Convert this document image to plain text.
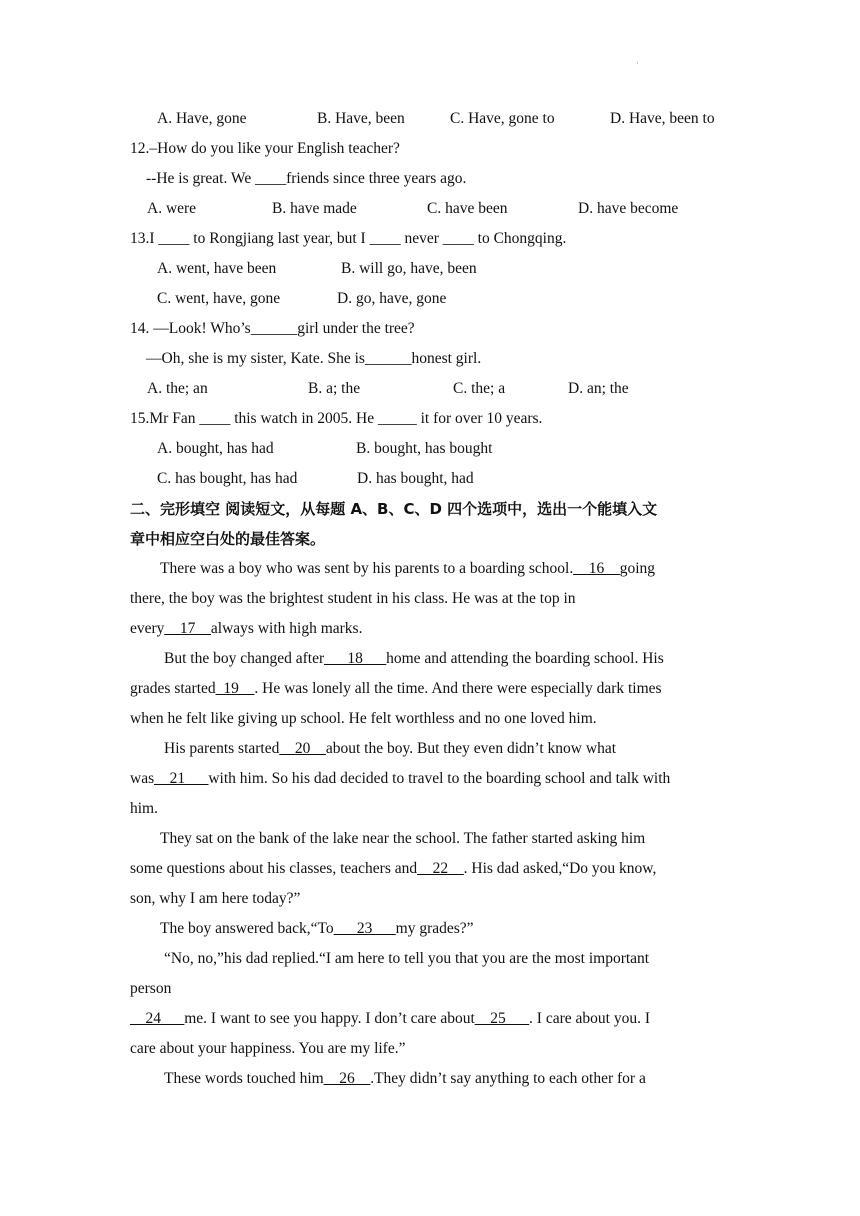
·
A. Have, gone	B. Have, been	C. Have, gone to	D. Have, been to
12.–How do you like your English teacher?
--He is great. We ____friends since three years ago.
A. were	B. have made	C. have been	D. have become
13.I ____ to Rongjiang last year, but I ____ never ____ to Chongqing.
A. went, have been	B. will go, have, been
C. went, have, gone	D. go, have, gone
14. —Look! Who’s______girl under the tree?
—Oh, she is my sister, Kate. She is______honest girl.
A. the; an	B. a; the	C. the; a	D. an; the
15.Mr Fan ____ this watch in 2005. He _____ it for over 10 years.
A. bought, has had	B. bought, has bought
C. has bought, has had	D. has bought, had
二、完形填空 阅读短文，从每题 A、B、C、D 四个选项中，选出一个能填入文
章中相应空白处的最佳答案。
There was a boy who was sent by his parents to a boarding school.__16__going
there, the boy was the brightest student in his class. He was at the top in
every__17__always with high marks.
But the boy changed after___18___home and attending the boarding school. His
grades started_19__. He was lonely all the time. And there were especially dark times
when he felt like giving up school. He felt worthless and no one loved him.
His parents started__20__about the boy. But they even didn’t know what
was__21___with him. So his dad decided to travel to the boarding school and talk with
him.
They sat on the bank of the lake near the school. The father started asking him
some questions about his classes, teachers and__22__. His dad asked,“Do you know,
son, why I am here today?”
The boy answered back,“To___23___my grades?”
“No, no,”his dad replied.“I am here to tell you that you are the most important
person
__24___me. I want to see you happy. I don’t care about__25___. I care about you. I
care about your happiness. You are my life.”
These words touched him__26__.They didn’t say anything to each other for a
